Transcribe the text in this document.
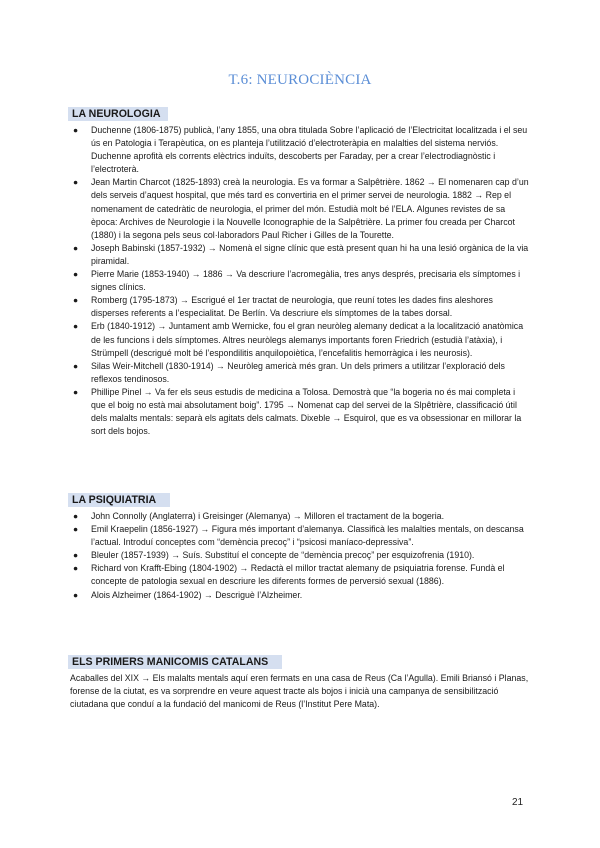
T.6: NEUROCIÈNCIA
LA NEUROLOGIA
● Duchenne (1806-1875) publicà, l’any 1855, una obra titulada Sobre l’aplicació de l’Electricitat localitzada i el seu ús en Patologia i Terapèutica, on es planteja l’utilització d’electroteràpia en malalties del sistema nerviós. Duchenne aprofità els corrents elèctrics induïts, descoberts per Faraday, per a crear l’electrodiagnòstic i l’electroterà.
● Jean Martin Charcot (1825-1893) creà la neurologia. Es va formar a Salpêtrière. 1862 → El nomenaren cap d’un dels serveis d’aquest hospital, que més tard es convertiria en el primer servei de neurologia. 1882 → Rep el nomenament de catedràtic de neurologia, el primer del món. Estudià molt bé l’ELA. Algunes revistes de sa època: Archives de Neurologie i la Nouvelle Iconographie de la Salpêtrière. La primer fou creada per Charcot (1880) i la segona pels seus col·laboradors Paul Richer i Gilles de la Tourette.
● Joseph Babinski (1857-1932) → Nomenà el signe clínic que està present quan hi ha una lesió orgànica de la via piramidal.
● Pierre Marie (1853-1940) → 1886 → Va descriure l’acromegàlia, tres anys després, precisaria els símptomes i signes clínics.
● Romberg (1795-1873) → Escrigué el 1er tractat de neurologia, que reuní totes les dades fins aleshores disperses referents a l’especialitat. De Berlín. Va descriure els símptomes de la tabes dorsal.
● Erb (1840-1912) → Juntament amb Wernicke, fou el gran neuròleg alemany dedicat a la localització anatòmica de les funcions i dels símptomes. Altres neuròlegs alemanys importants foren Friedrich (estudià l’atàxia), i Strümpell (descrigué molt bé l’espondilitis anquilopoiètica, l’encefalitis hemorràgica i les neurosis).
● Silas Weir-Mitchell (1830-1914) → Neuròleg americà més gran. Un dels primers a utilitzar l’exploració dels reflexos tendinosos.
● Phillipe Pinel → Va fer els seus estudis de medicina a Tolosa. Demostrà que “la bogeria no és mai completa i que el boig no està mai absolutament boig”. 1795 → Nomenat cap del servei de la Slpêtrière, classificació útil dels malalts mentals: separà els agitats dels calmats. Dixeble → Esquirol, que es va obsessionar en millorar la sort dels bojos.
LA PSIQUIATRIA
● John Connolly (Anglaterra) i Greisinger (Alemanya) → Milloren el tractament de la bogeria.
● Emil Kraepelin (1856-1927) → Figura més important d’alemanya. Classificà les malalties mentals, on descansa l’actual. Introduí conceptes com “demència precoç” i “psicosi maníaco-depressiva”.
● Bleuler (1857-1939) → Suís. Substituí el concepte de “demència precoç” per esquizofrenia (1910).
● Richard von Krafft-Ebing (1804-1902) → Redactà el millor tractat alemany de psiquiatria forense. Fundà el concepte de patologia sexual en descriure les diferents formes de perversió sexual (1886).
● Alois Alzheimer (1864-1902) → Descriguè l’Alzheimer.
ELS PRIMERS MANICOMIS CATALANS
Acaballes del XIX → Els malalts mentals aquí eren fermats en una casa de Reus (Ca l’Agulla). Emili Briansó i Planas, forense de la ciutat, es va sorprendre en veure aquest tracte als bojos i inicià una campanya de sensibilització ciutadana que conduí a la fundació del manicomi de Reus (l’Institut Pere Mata).
21
